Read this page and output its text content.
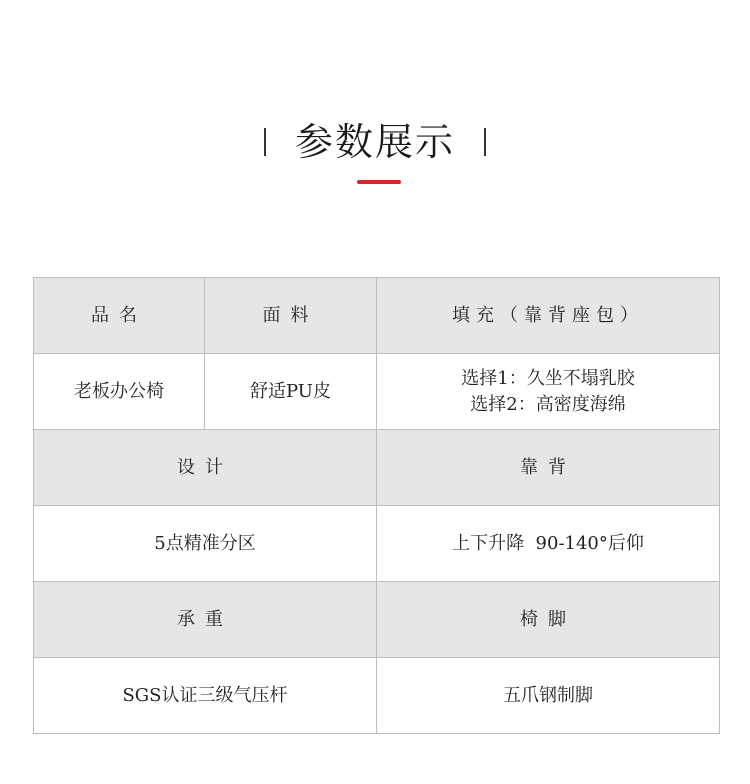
参数展示
品名	面料	填充（靠背座包）
老板办公椅	舒适PU皮	选择1：久坐不塌乳胶
选择2：高密度海绵

设计		靠背
5点精准分区		上下升降  90-140°后仰
承重		椅脚
SGS认证三级气压杆		五爪钢制脚
